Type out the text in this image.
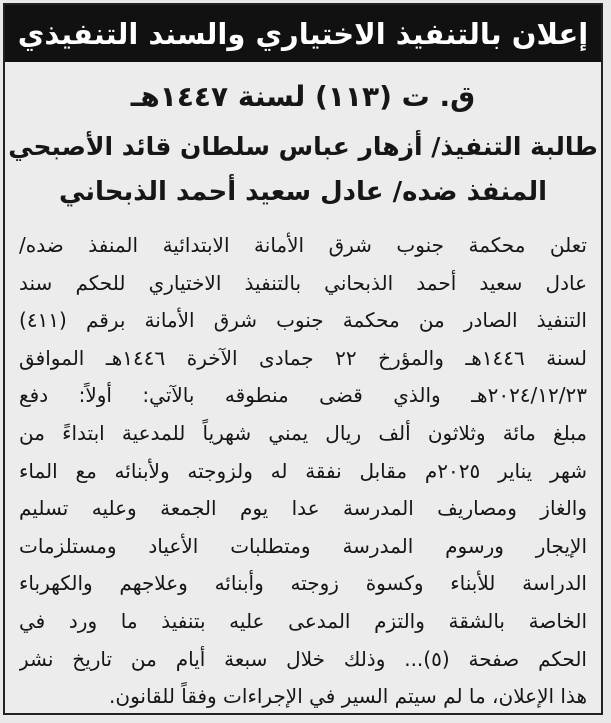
إعلان بالتنفيذ الاختياري والسند التنفيذي
ق. ت (١١٣) لسنة ١٤٤٧هـ
طالبة التنفيذ/ أزهار عباس سلطان قائد الأصبحي
المنفذ ضده/ عادل سعيد أحمد الذبحاني
تعلن محكمة جنوب شرق الأمانة الابتدائية المنفذ ضده/
عادل سعيد أحمد الذبحاني بالتنفيذ الاختياري للحكم سند
التنفيذ الصادر من محكمة جنوب شرق الأمانة برقم (٤١١)
لسنة ١٤٤٦هـ والمؤرخ ٢٢ جمادى الآخرة ١٤٤٦هـ الموافق
٢٠٢٤/١٢/٢٣هـ والذي قضى منطوقه بالآتي: أولاً: دفع
مبلغ مائة وثلاثون ألف ريال يمني شهرياً للمدعية ابتداءً من
شهر يناير ٢٠٢٥م مقابل نفقة له ولزوجته ولأبنائه مع الماء
والغاز ومصاريف المدرسة عدا يوم الجمعة وعليه تسليم
الإيجار ورسوم المدرسة ومتطلبات الأعياد ومستلزمات
الدراسة للأبناء وكسوة زوجته وأبنائه وعلاجهم والكهرباء
الخاصة بالشقة والتزم المدعى عليه بتنفيذ ما ورد في
الحكم صفحة (٥)... وذلك خلال سبعة أيام من تاريخ نشر
هذا الإعلان، ما لم سيتم السير في الإجراءات وفقاً للقانون.
